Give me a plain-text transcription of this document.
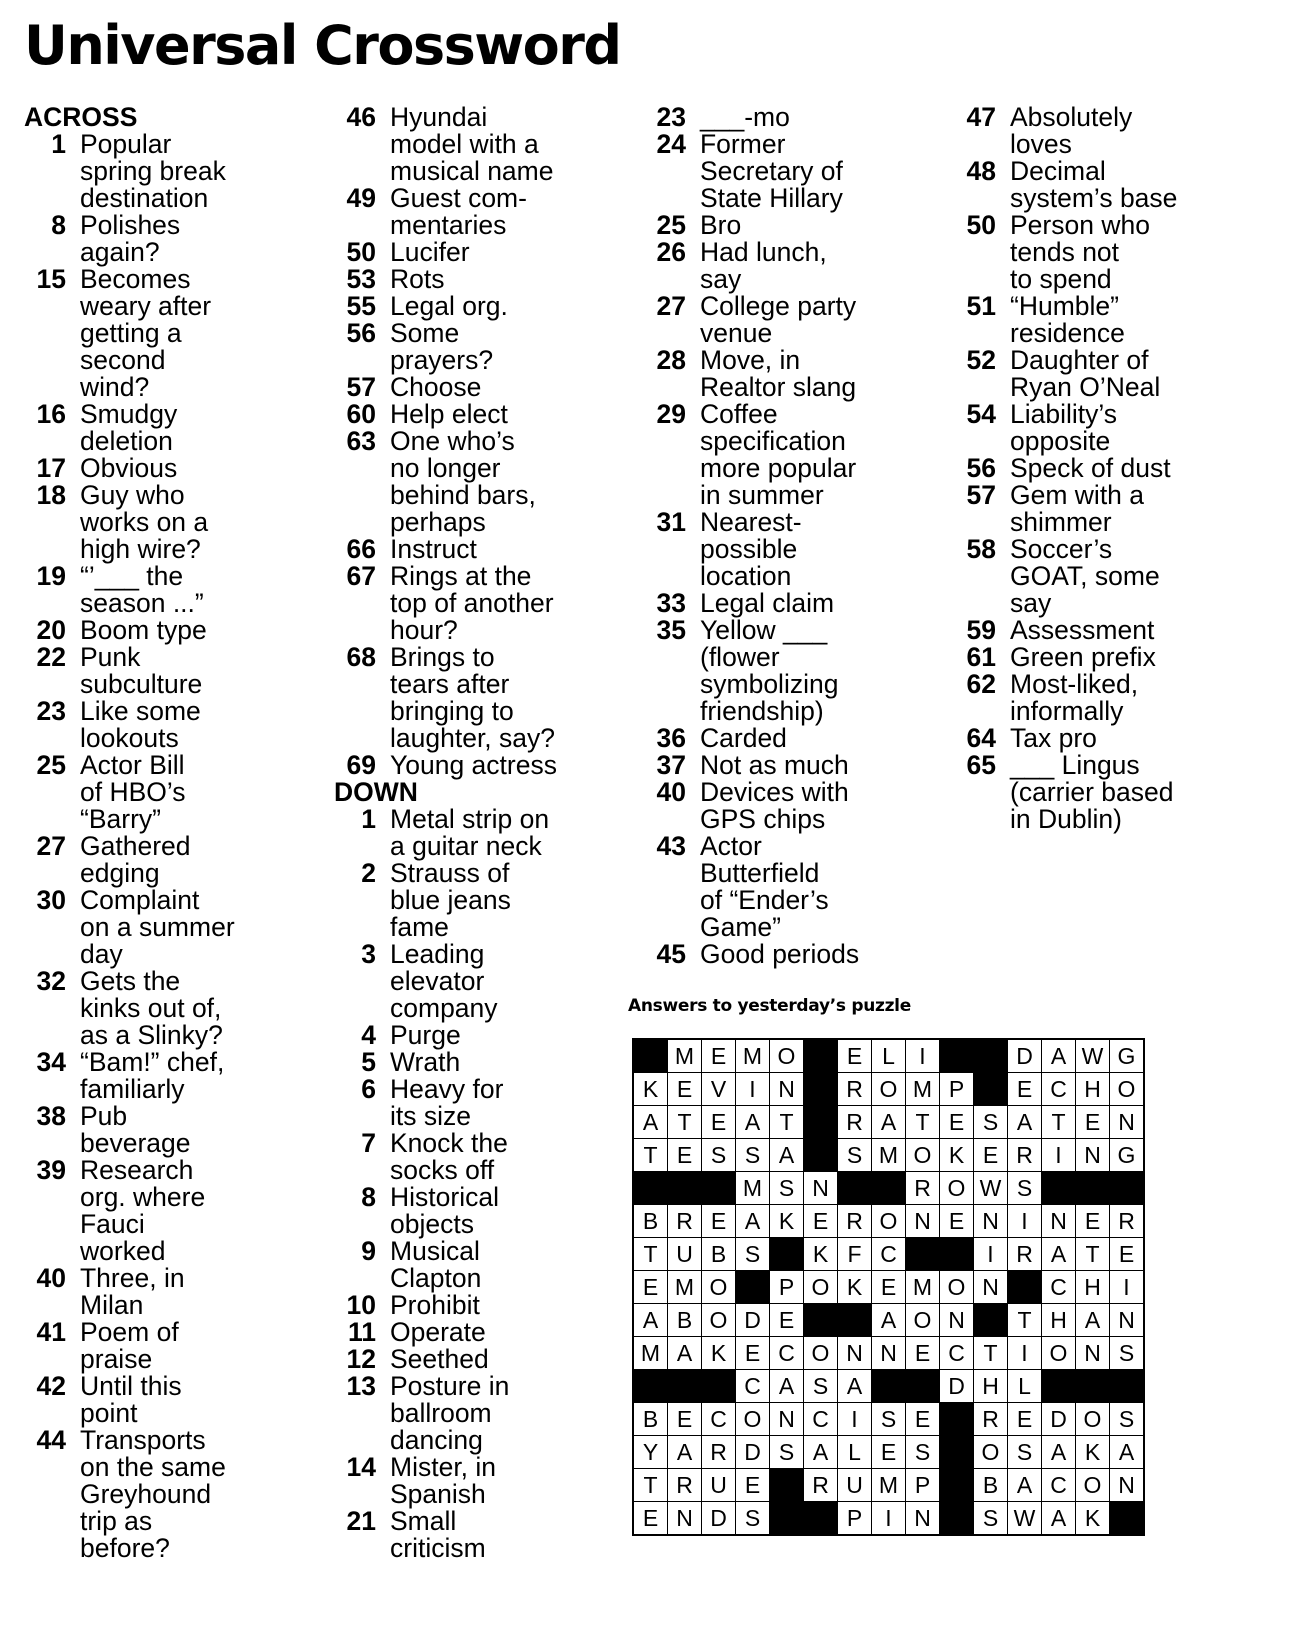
Universal Crossword
ACROSS
1 Popular
spring break
destination
8 Polishes
again?
15 Becomes
weary after
getting a
second
wind?
16 Smudgy
deletion
17 Obvious
18 Guy who
works on a
high wire?
19 “’___ the
season ...”
20 Boom type
22 Punk
subculture
23 Like some
lookouts
25 Actor Bill
of HBO’s
“Barry”
27 Gathered
edging
30 Complaint
on a summer
day
32 Gets the
kinks out of,
as a Slinky?
34 “Bam!” chef,
familiarly
38 Pub
beverage
39 Research
org. where
Fauci
worked
40 Three, in
Milan
41 Poem of
praise
42 Until this
point
44 Transports
on the same
Greyhound
trip as
before?
46 Hyundai
model with a
musical name
49 Guest com-
mentaries
50 Lucifer
53 Rots
55 Legal org.
56 Some
prayers?
57 Choose
60 Help elect
63 One who’s
no longer
behind bars,
perhaps
66 Instruct
67 Rings at the
top of another
hour?
68 Brings to
tears after
bringing to
laughter, say?
69 Young actress
DOWN
1 Metal strip on
a guitar neck
2 Strauss of
blue jeans
fame
3 Leading
elevator
company
4 Purge
5 Wrath
6 Heavy for
its size
7 Knock the
socks off
8 Historical
objects
9 Musical
Clapton
10 Prohibit
11 Operate
12 Seethed
13 Posture in
ballroom
dancing
14 Mister, in
Spanish
21 Small
criticism
23 ___-mo
24 Former
Secretary of
State Hillary
25 Bro
26 Had lunch,
say
27 College party
venue
28 Move, in
Realtor slang
29 Coffee
specification
more popular
in summer
31 Nearest-
possible
location
33 Legal claim
35 Yellow ___
(flower
symbolizing
friendship)
36 Carded
37 Not as much
40 Devices with
GPS chips
43 Actor
Butterfield
of “Ender’s
Game”
45 Good periods
47 Absolutely
loves
48 Decimal
system’s base
50 Person who
tends not
to spend
51 “Humble”
residence
52 Daughter of
Ryan O’Neal
54 Liability’s
opposite
56 Speck of dust
57 Gem with a
shimmer
58 Soccer’s
GOAT, some
say
59 Assessment
61 Green prefix
62 Most-liked,
informally
64 Tax pro
65 ___ Lingus
(carrier based
in Dublin)
Answers to yesterday’s puzzle
	M	E	M	O		E	L	I			D	A	W	G
K	E	V	I	N		R	O	M	P		E	C	H	O
A	T	E	A	T		R	A	T	E	S	A	T	E	N
T	E	S	S	A		S	M	O	K	E	R	I	N	G
			M	S	N			R	O	W	S			
B	R	E	A	K	E	R	O	N	E	N	I	N	E	R
T	U	B	S		K	F	C			I	R	A	T	E
E	M	O		P	O	K	E	M	O	N		C	H	I
A	B	O	D	E			A	O	N		T	H	A	N
M	A	K	E	C	O	N	N	E	C	T	I	O	N	S
			C	A	S	A			D	H	L			
B	E	C	O	N	C	I	S	E		R	E	D	O	S
Y	A	R	D	S	A	L	E	S		O	S	A	K	A
T	R	U	E		R	U	M	P		B	A	C	O	N
E	N	D	S			P	I	N		S	W	A	K	
